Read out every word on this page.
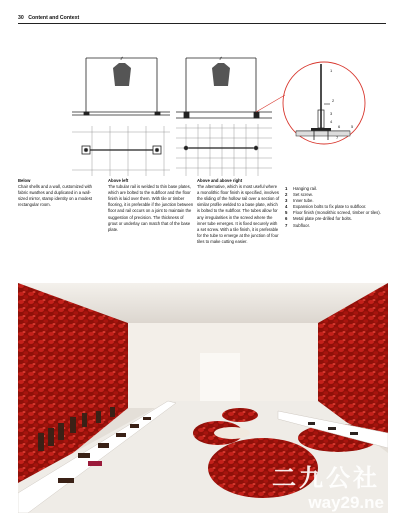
30 Content and Context
1
2
3
4
5
6
7
Below
Chair shells and a wall, customized with fabric swathes and duplicated in a wall-sized mirror, stamp identity on a modest rectangular room.
Above left
The tubular rail is welded to thin base plates, which are bolted to the subfloor and the floor finish is laid over them. With tile or timber flooring, it is preferable if the junction between floor and rail occurs on a joint to maintain the suggestion of precision. The thickness of grout or underlay can match that of the base plate.
Above and above right
The alternative, which is most useful where a monolithic floor finish is specified, involves the sliding of the hollow rail over a section of similar profile welded to a base plate, which is bolted to the subfloor. The tubes allow for any irregularities in the screed where the inner tube emerges. It is fixed securely with a set screw. With a tile finish, it is preferable for the tube to emerge at the junction of four tiles to make cutting easier.
1	Hanging rail.
2	Set screw.
3	Inner tube.
4	Expansion bolts to fix plate to subfloor.
5	Floor finish (monolithic screed, timber or tiles).
6	Metal plate pre-drilled for bolts.
7	Subfloor.
二九公社
way29.ne
